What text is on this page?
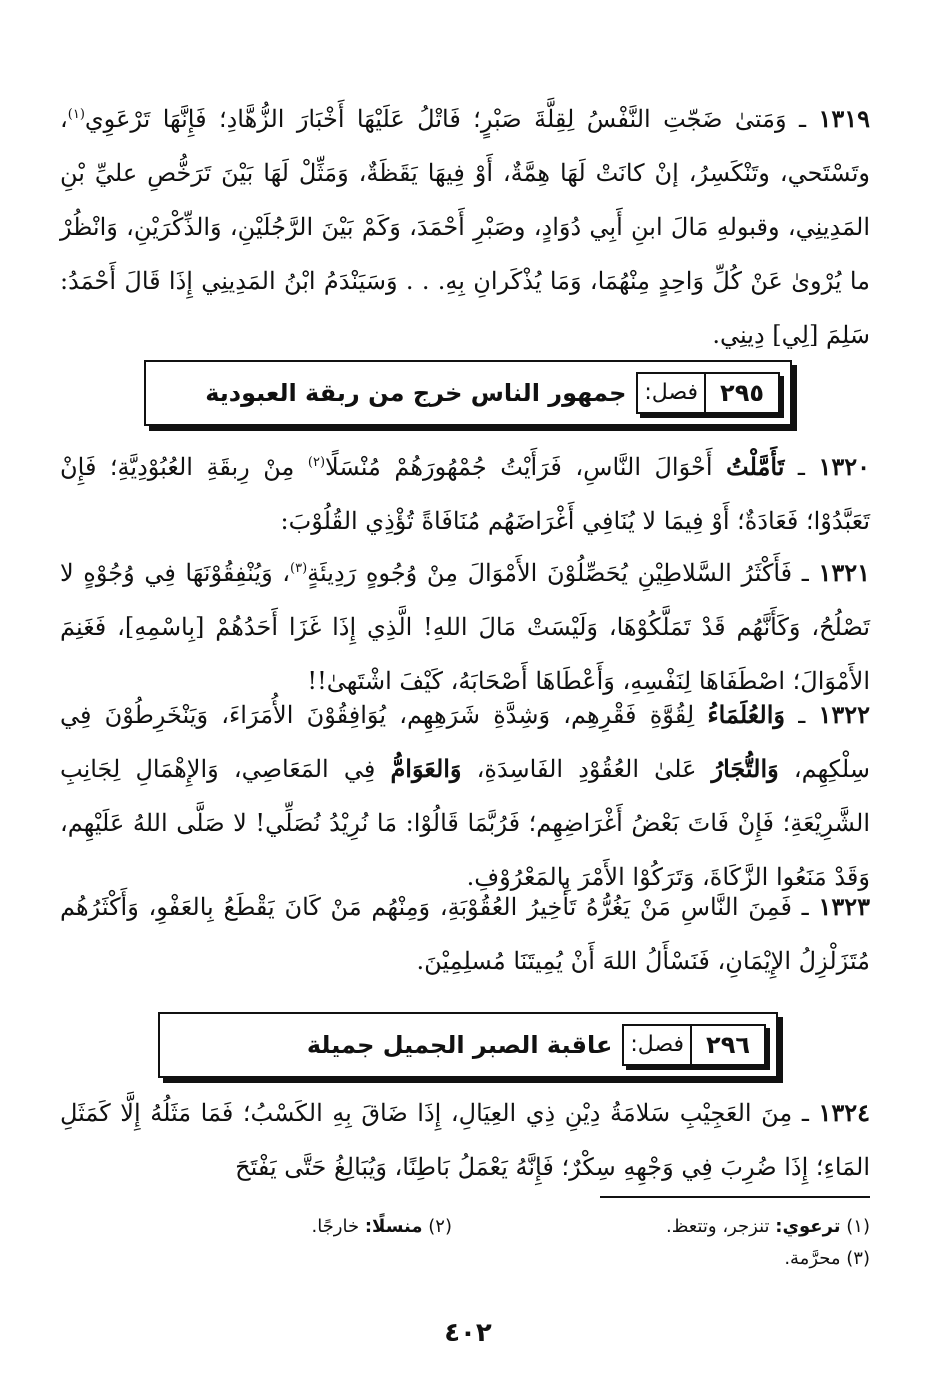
١٣١٩ ـ وَمَتىٰ ضَجّتِ النَّفْسُ لِقِلَّةَ صَبْرٍ؛ فَاتْلُ عَلَيْهَا أَخْبَارَ الزُّهَّادِ؛ فَإِنَّهَا تَرْعَوِي$^{(١)}$، وتَسْتَحي، وتَنْكَسِرُ، إنْ كانَتْ لَهَا هِمَّةٌ، أَوْ فِيهَا يَقَظَةٌ، وَمَثِّلْ لَهَا بَيْنَ تَرَخُّصِ عليِّ بْنِ المَدِينِي، وقبولهِ مَالَ ابنِ أَبِي دُوَادٍ، وصَبْرِ أَحْمَدَ، وَكَمْ بَيْنَ الرَّجُلَيْنِ، وَالذِّكْرَيْنِ، وَانْظُرْ ما يُرْوىٰ عَنْ كُلِّ وَاحِدٍ مِنْهُمَا، وَمَا يُذْكَرانِ بِهِ. . . وَسَيَنْدَمُ ابْنُ المَدِينِي إِذَا قَالَ أَحْمَدُ: سَلِمَ [لِي] دِينِي.

٢٩٥
فصل:
جمهور الناس خرج من ربقة العبودية

١٣٢٠ ـ تَأَمَّلْتُ أَحْوَالَ النَّاسِ، فَرَأَيْتُ جُمْهُورَهُمْ مُنْسَلًا$^{(٢)}$ مِنْ رِبقَةِ العُبُوْدِيَّةِ؛ فَإِنْ تَعَبَّدُوْا؛ فَعَادَةٌ؛ أَوْ فِيمَا لا يُنَافِي أَغْرَاضَهُم مُنَافَاةً تُؤْذِي القُلُوْبَ:

١٣٢١ ـ فَأَكْثَرُ السَّلاطِيْنِ يُحَصِّلُوْنَ الأَمْوَالَ مِنْ وُجُوهٍ رَدِيئَةٍ$^{(٣)}$، وَيُنْفِقُوْنَهَا فِي وُجُوْهٍ لا تَصْلُحُ، وَكَأَنَّهُم قَدْ تَمَلَّكُوْهَا، وَلَيْسَتْ مَالَ اللهِ! الَّذِي إِذَا غَزَا أَحَدُهُمْ [بِاسْمِهِ]، فَغَنِمَ الأَمْوَالَ؛ اصْطَفَاهَا لِنَفْسِهِ، وَأَعْطَاهَا أَصْحَابَهُ، كَيْفَ اشْتَهىٰ!!

١٣٢٢ ـ وَالعُلَمَاءُ لِقُوَّةِ فَقْرِهِم، وَشِدَّةِ شَرَهِهِم، يُوَافِقُوْنَ الأُمَرَاءَ، وَيَنْخَرِطُوْنَ فِي سِلْكِهِم، وَالتُّجَارُ عَلىٰ العُقُوْدِ الفَاسِدَةِ، وَالعَوَامُّ فِي المَعَاصِي، وَالإِهْمَالِ لِجَانِبِ الشَّرِيْعَةِ؛ فَإِنْ فَاتَ بَعْضُ أَغْرَاضِهِم؛ فَرُبَّمَا قَالُوْا: مَا نُرِيْدُ نُصَلِّي! لا صَلَّى اللهُ عَلَيْهِم، وَقَدْ مَنَعُوا الزَّكَاةَ، وَتَرَكُوْا الأَمْرَ بِالمَعْرُوْفِ.

١٣٢٣ ـ فَمِنَ النَّاسِ مَنْ يَغُرُّهُ تَأْخِيرُ العُقُوْبَةِ، وَمِنْهُم مَنْ كَانَ يَقْطَعُ بِالعَفْوِ، وَأَكْثَرُهُم مُتَزَلْزِلُ الإِيْمَانِ، فَنَسْأَلُ اللهَ أَنْ يُمِيتَنَا مُسلِمِيْنَ.

٢٩٦
فصل:
عاقبة الصبر الجميل جميلة

١٣٢٤ ـ مِنَ العَجِيْبِ سَلامَةُ دِيْنِ ذِي العِيَالِ، إِذَا ضَاقَ بِهِ الكَسْبُ؛ فَمَا مَثَلُهُ إِلَّا كَمَثَلِ المَاءِ؛ إِذَا ضُرِبَ فِي وَجْهِهِ سِكْرٌ؛ فَإِنَّهُ يَعْمَلُ بَاطِنًا، وَيُبَالِغُ حَتَّى يَفْتَحَ

(١) ترعوي: تنزجر، وتتعظ.
(٢) منسلًا: خارجًا.
(٣) محرَّمة.
٤٠٢
